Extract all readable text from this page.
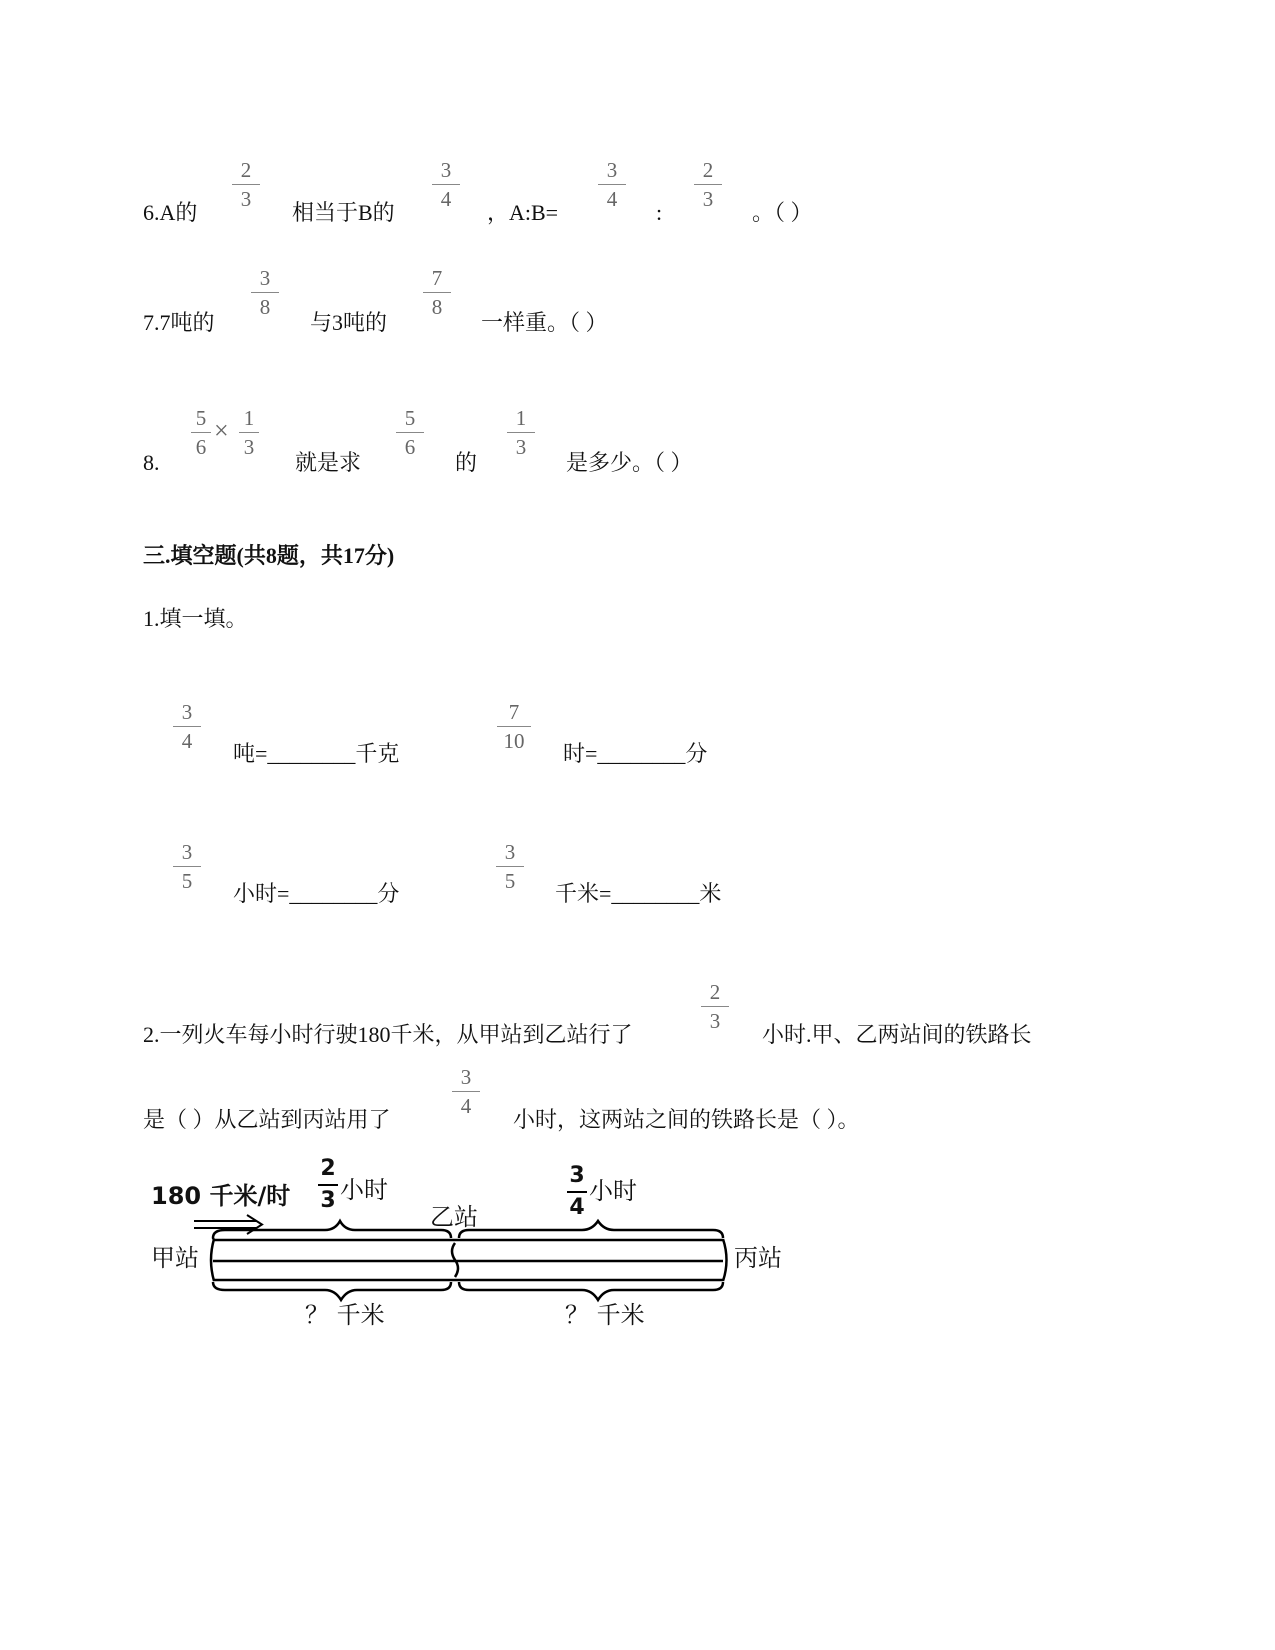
6.A的
2
3
相当于B的
3
4
，A:B=
3
4
:
2
3
。（ ）
7.7吨的
3
8
与3吨的
7
8
一样重。（ ）
8.
5
6
× 1
3
就是求
5
6
的
1
3
是多少。（ ）
三.填空题(共8题，共17分)
1.填一填。
3
4	吨=________千克
7
10	时=________分
3
5	小时=________分
3
5	千米=________米
2.一列火车每小时行驶180千米，从甲站到乙站行了
2
3
小时.甲、乙两站间的铁路长
是（ ）从乙站到丙站用了
3
4
小时，这两站之间的铁路长是（ ）。
180 千米/时
2
3 小时
3
4
小时
甲站
乙站
丙站
？ 千米	？ 千米
